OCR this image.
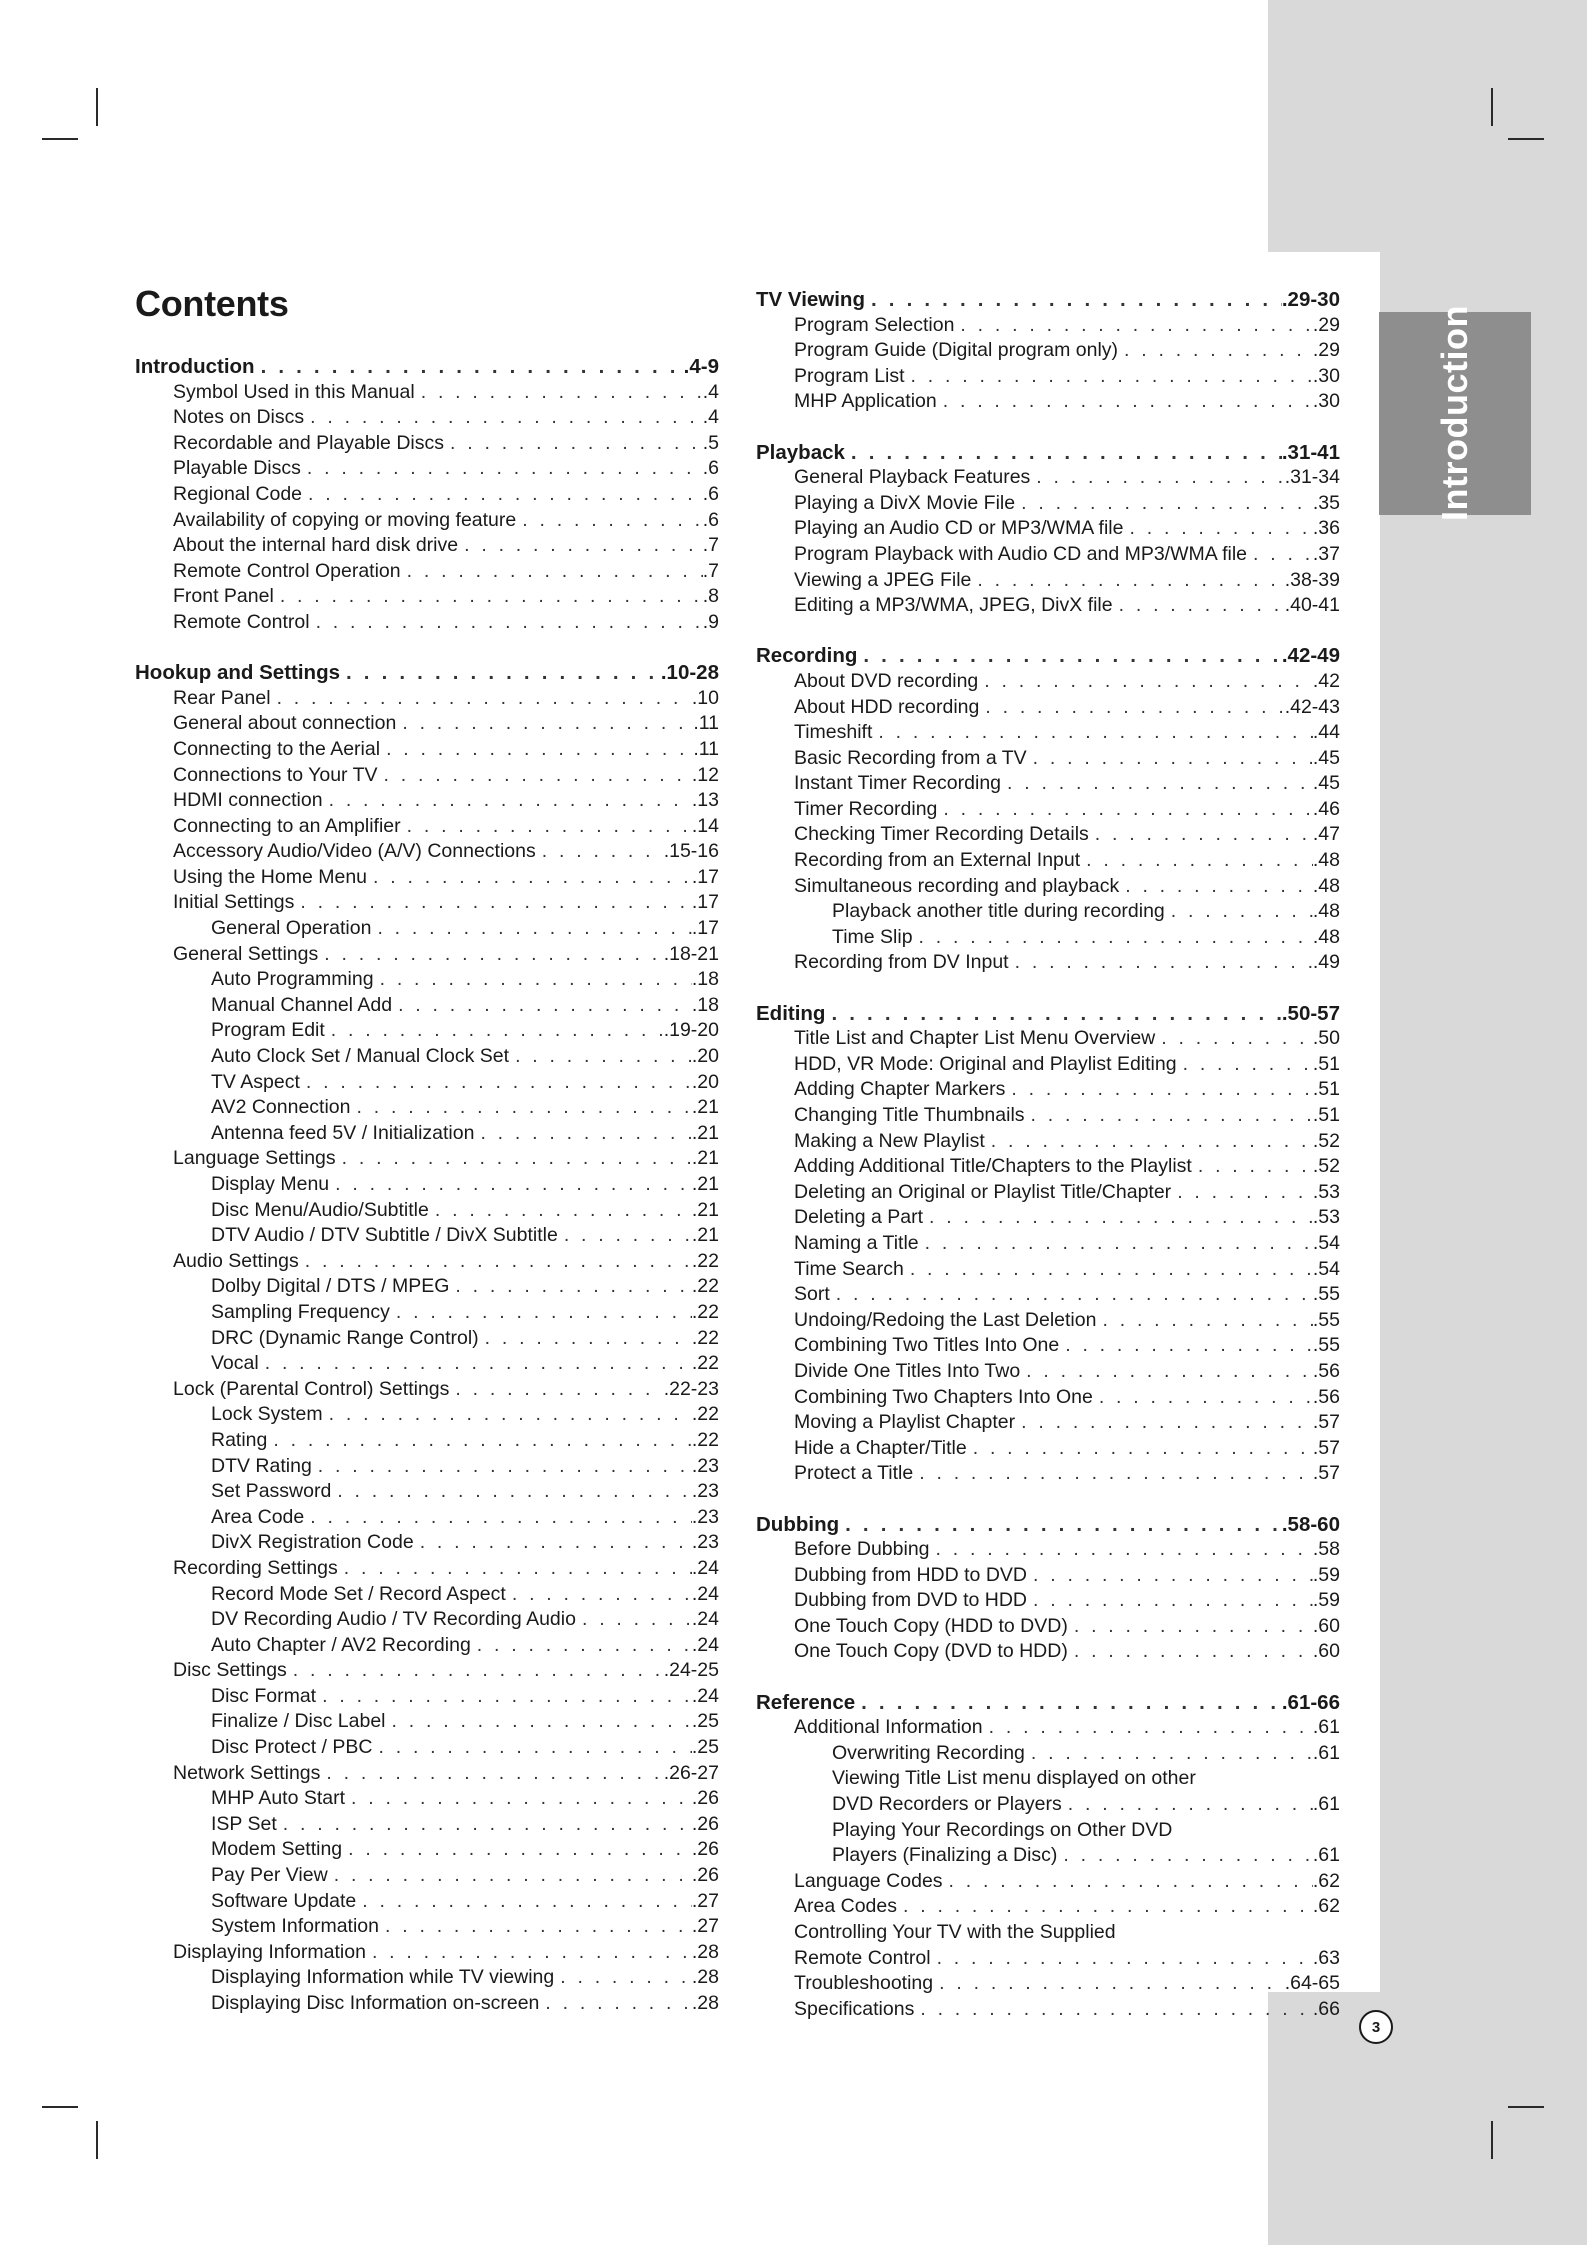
Introduction
Contents
Introduction . . .	.4-9
Symbol Used in this Manual . . .	.4
Notes on Discs . . .	.4
Recordable and Playable Discs . . .	.5
Playable Discs . . .	.6
Regional Code . . .	.6
Availability of copying or moving feature . . .	.6
About the internal hard disk drive . . .	.7
Remote Control Operation . . .	.7
Front Panel . . .	.8
Remote Control . . .	.9
Hookup and Settings . . .	.10-28
Rear Panel . . .	.10
General about connection . . .	.11
Connecting to the Aerial . . .	.11
Connections to Your TV . . .	.12
HDMI connection . . .	.13
Connecting to an Amplifier . . .	.14
Accessory Audio/Video (A/V) Connections . . .	.15-16
Using the Home Menu . . .	.17
Initial Settings . . .	.17
General Operation . . .	.17
General Settings . . .	.18-21
Auto Programming . . .	.18
Manual Channel Add . . .	.18
Program Edit . . .	.19-20
Auto Clock Set / Manual Clock Set . . .	.20
TV Aspect . . .	.20
AV2 Connection . . .	.21
Antenna feed 5V / Initialization . . .	.21
Language Settings . . .	.21
Display Menu . . .	.21
Disc Menu/Audio/Subtitle . . .	.21
DTV Audio / DTV Subtitle / DivX Subtitle . . .	.21
Audio Settings . . .	.22
Dolby Digital / DTS / MPEG . . .	.22
Sampling Frequency . . .	.22
DRC (Dynamic Range Control) . . .	.22
Vocal . . .	.22
Lock (Parental Control) Settings . . .	.22-23
Lock System . . .	.22
Rating . . .	.22
DTV Rating . . .	.23
Set Password . . .	.23
Area Code . . .	.23
DivX Registration Code . . .	.23
Recording Settings . . .	.24
Record Mode Set / Record Aspect . . .	.24
DV Recording Audio / TV Recording Audio . . .	.24
Auto Chapter / AV2 Recording . . .	.24
Disc Settings . . .	.24-25
Disc Format . . .	.24
Finalize / Disc Label . . .	.25
Disc Protect / PBC . . .	.25
Network Settings . . .	.26-27
MHP Auto Start . . .	.26
ISP Set . . .	.26
Modem Setting . . .	.26
Pay Per View . . .	.26
Software Update . . .	.27
System Information . . .	.27
Displaying Information . . .	.28
Displaying Information while TV viewing . . .	.28
Displaying Disc Information on-screen . . .	.28
TV Viewing . . .	.29-30
Program Selection . . .	.29
Program Guide (Digital program only) . . .	.29
Program List . . .	.30
MHP Application . . .	.30
Playback . . .	.31-41
General Playback Features . . .	.31-34
Playing a DivX Movie File . . .	.35
Playing an Audio CD or MP3/WMA file . . .	.36
Program Playback with Audio CD and MP3/WMA file . . .	.37
Viewing a JPEG File . . .	.38-39
Editing a MP3/WMA, JPEG, DivX file . . .	.40-41
Recording . . .	.42-49
About DVD recording . . .	.42
About HDD recording . . .	.42-43
Timeshift . . .	.44
Basic Recording from a TV . . .	.45
Instant Timer Recording . . .	.45
Timer Recording . . .	.46
Checking Timer Recording Details . . .	.47
Recording from an External Input . . .	.48
Simultaneous recording and playback . . .	.48
Playback another title during recording . . .	.48
Time Slip . . .	.48
Recording from DV Input . . .	.49
Editing . . .	.50-57
Title List and Chapter List Menu Overview . . .	.50
HDD, VR Mode: Original and Playlist Editing . . .	.51
Adding Chapter Markers . . .	.51
Changing Title Thumbnails . . .	.51
Making a New Playlist . . .	.52
Adding Additional Title/Chapters to the Playlist . . .	.52
Deleting an Original or Playlist Title/Chapter . . .	.53
Deleting a Part . . .	.53
Naming a Title . . .	.54
Time Search . . .	.54
Sort . . .	.55
Undoing/Redoing the Last Deletion . . .	.55
Combining Two Titles Into One . . .	.55
Divide One Titles Into Two . . .	.56
Combining Two Chapters Into One . . .	.56
Moving a Playlist Chapter . . .	.57
Hide a Chapter/Title . . .	.57
Protect a Title . . .	.57
Dubbing . . .	.58-60
Before Dubbing . . .	.58
Dubbing from HDD to DVD . . .	.59
Dubbing from DVD to HDD . . .	.59
One Touch Copy (HDD to DVD) . . .	.60
One Touch Copy (DVD to HDD) . . .	.60
Reference . . .	.61-66
Additional Information . . .	.61
Overwriting Recording . . .	.61
Viewing Title List menu displayed on other
DVD Recorders or Players . . .	.61
Playing Your Recordings on Other DVD
Players (Finalizing a Disc) . . .	.61
Language Codes . . .	.62
Area Codes . . .	.62
Controlling Your TV with the Supplied
Remote Control . . .	.63
Troubleshooting . . .	.64-65
Specifications . . .	.66
3
